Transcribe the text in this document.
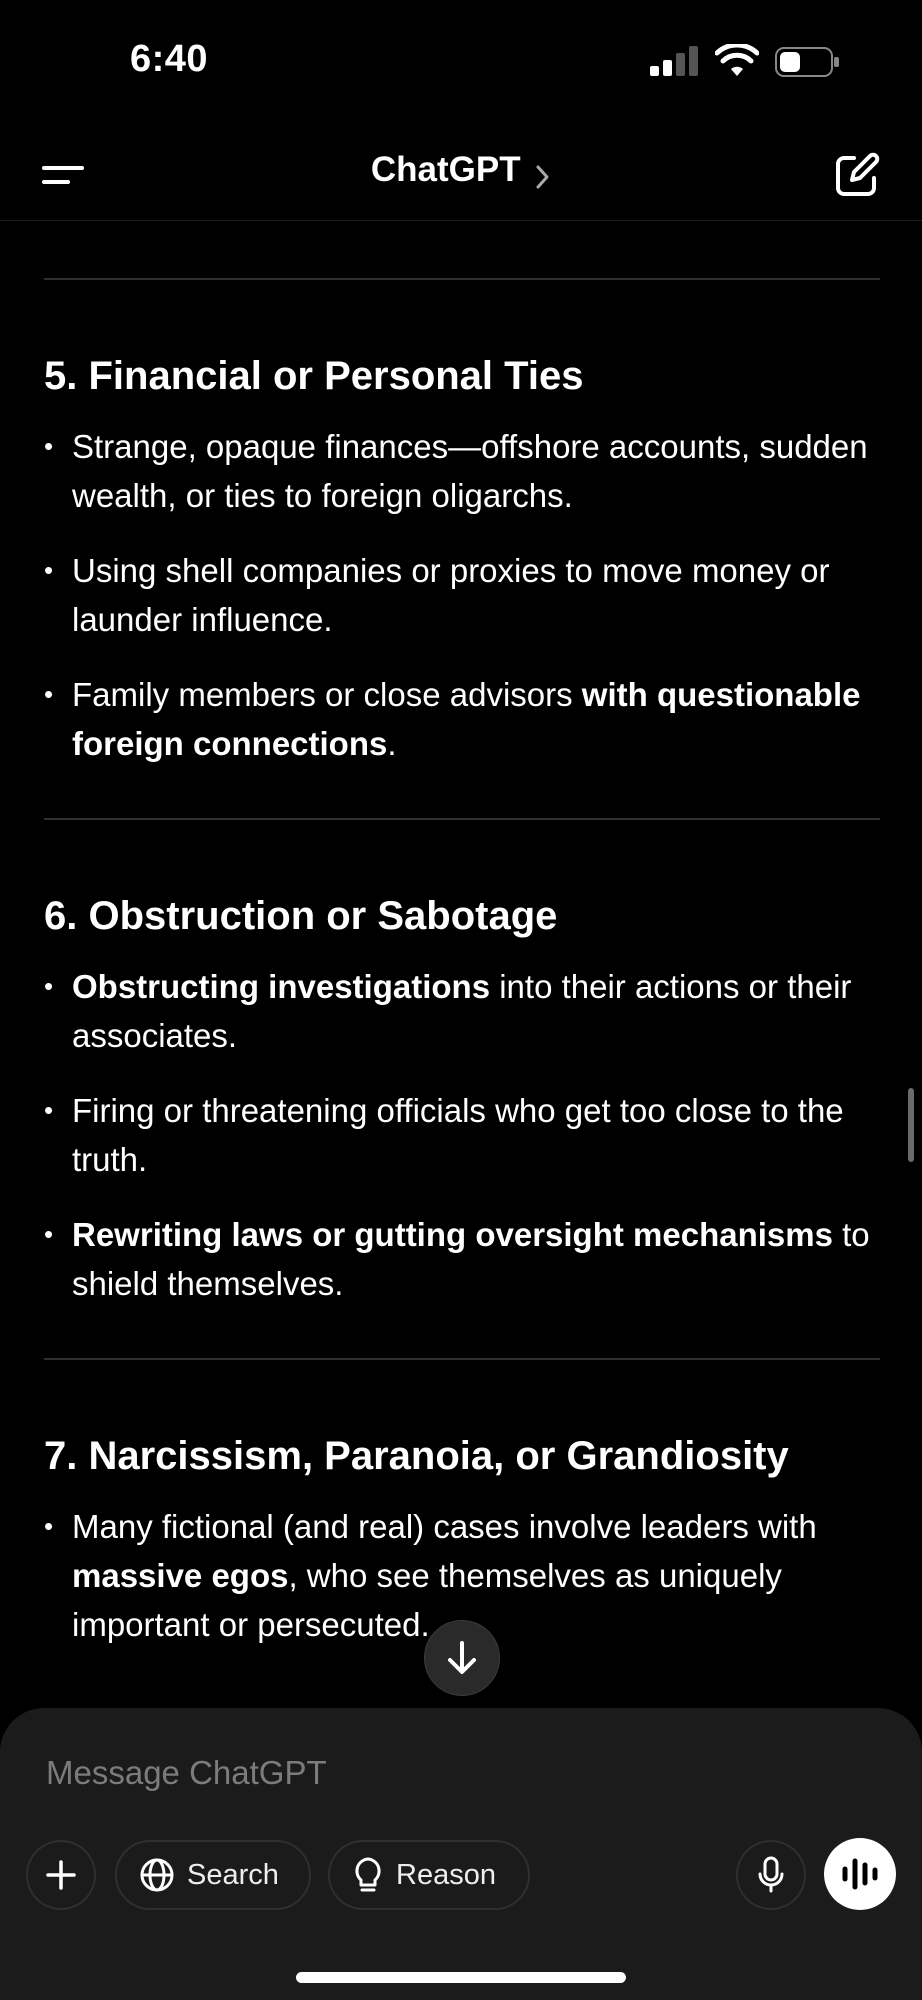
6:40
ChatGPT
5. Financial or Personal Ties
• Strange, opaque finances—offshore accounts, sudden wealth, or ties to foreign oligarchs.
• Using shell companies or proxies to move money or launder influence.
• Family members or close advisors with questionable foreign connections.
6. Obstruction or Sabotage
• Obstructing investigations into their actions or their associates.
• Firing or threatening officials who get too close to the truth.
• Rewriting laws or gutting oversight mechanisms to shield themselves.
7. Narcissism, Paranoia, or Grandiosity
• Many fictional (and real) cases involve leaders with massive egos, who see themselves as uniquely important or persecuted.
Message ChatGPT
Search	Reason
